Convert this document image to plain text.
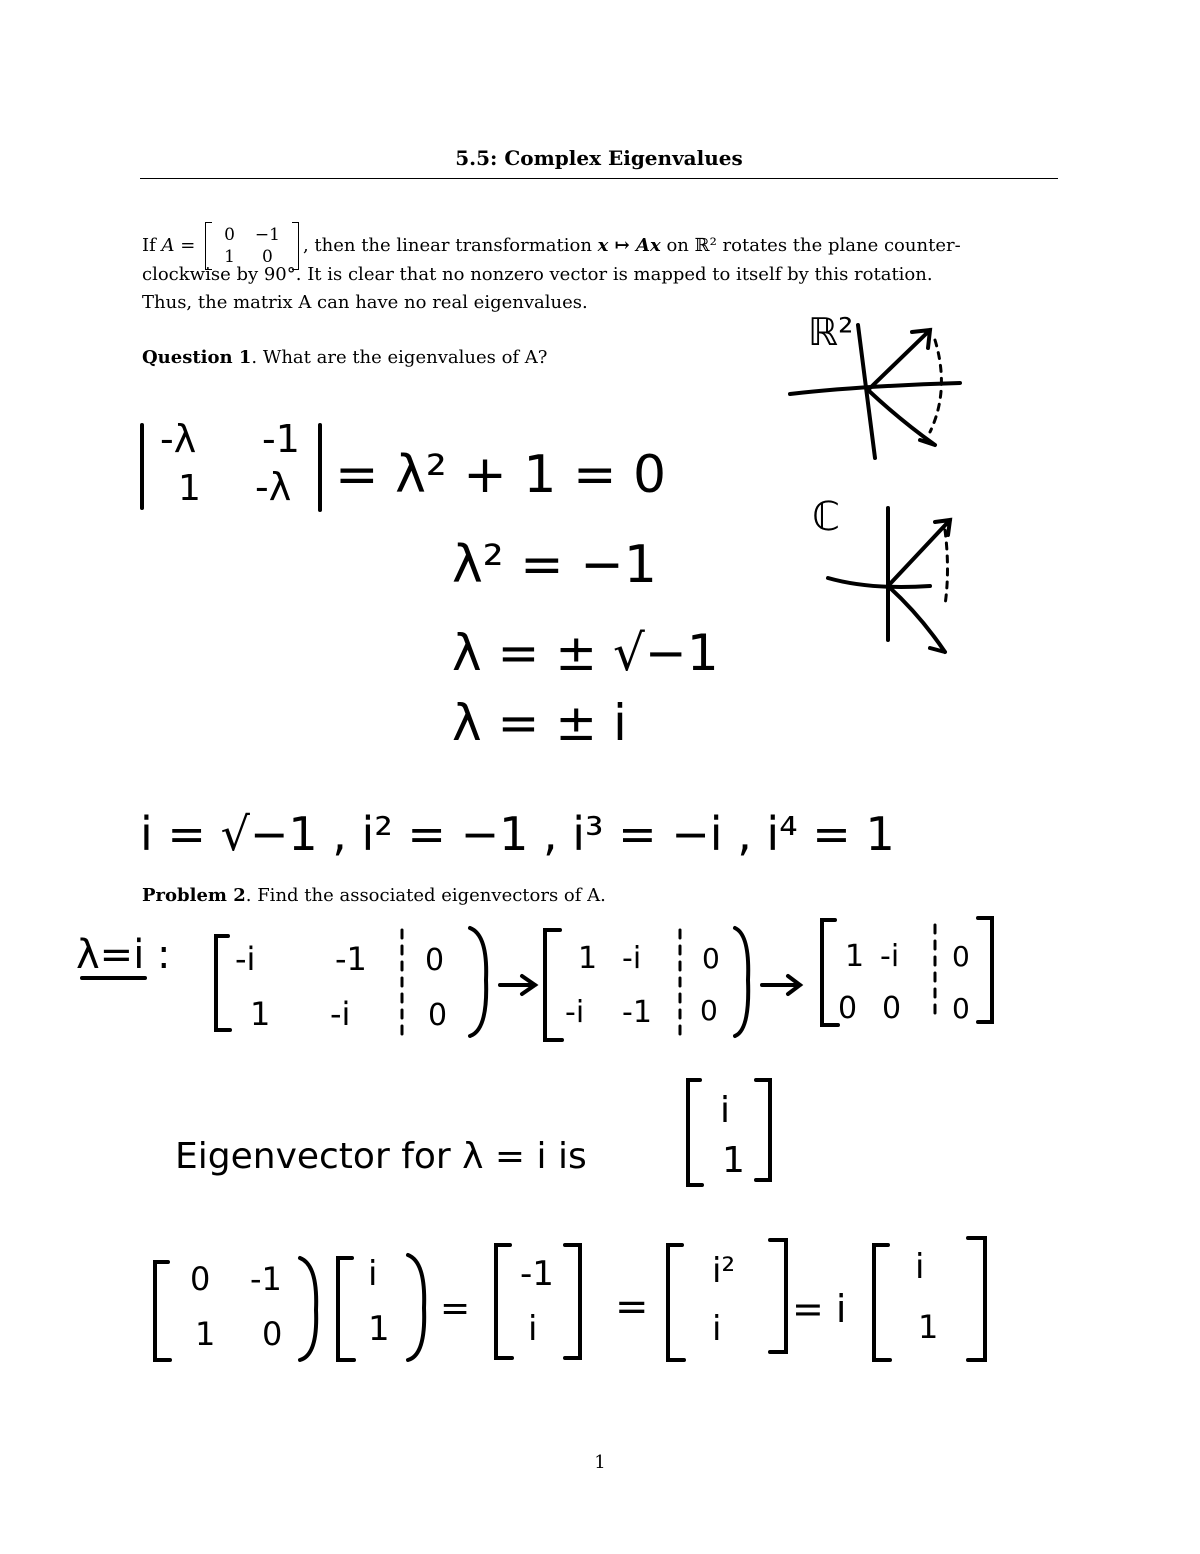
5.5: Complex Eigenvalues
If A = 0	−1
1	0
, then the linear transformation x ↦ Ax on ℝ² rotates the plane counter-
clockwise by 90°. It is clear that no nonzero vector is mapped to itself by this rotation.
Thus, the matrix A can have no real eigenvalues.
Question 1. What are the eigenvalues of A?
Problem 2. Find the associated eigenvectors of A.
-λ -1
1 -λ = λ² + 1 = 0
λ² = −1
λ = ± √−1
λ = ± i
i = √−1 , i² = −1 , i³ = −i , i⁴ = 1
ℝ²
ℂ
λ=i : -i -1 0
1 -i	0
1 -i 0
-i -1 0
1 -i 0
0 0 0
Eigenvector for λ = i is
i
1
0 -1
1 0
i
1 =
-1
i =
i²
i = i
i
1
1
